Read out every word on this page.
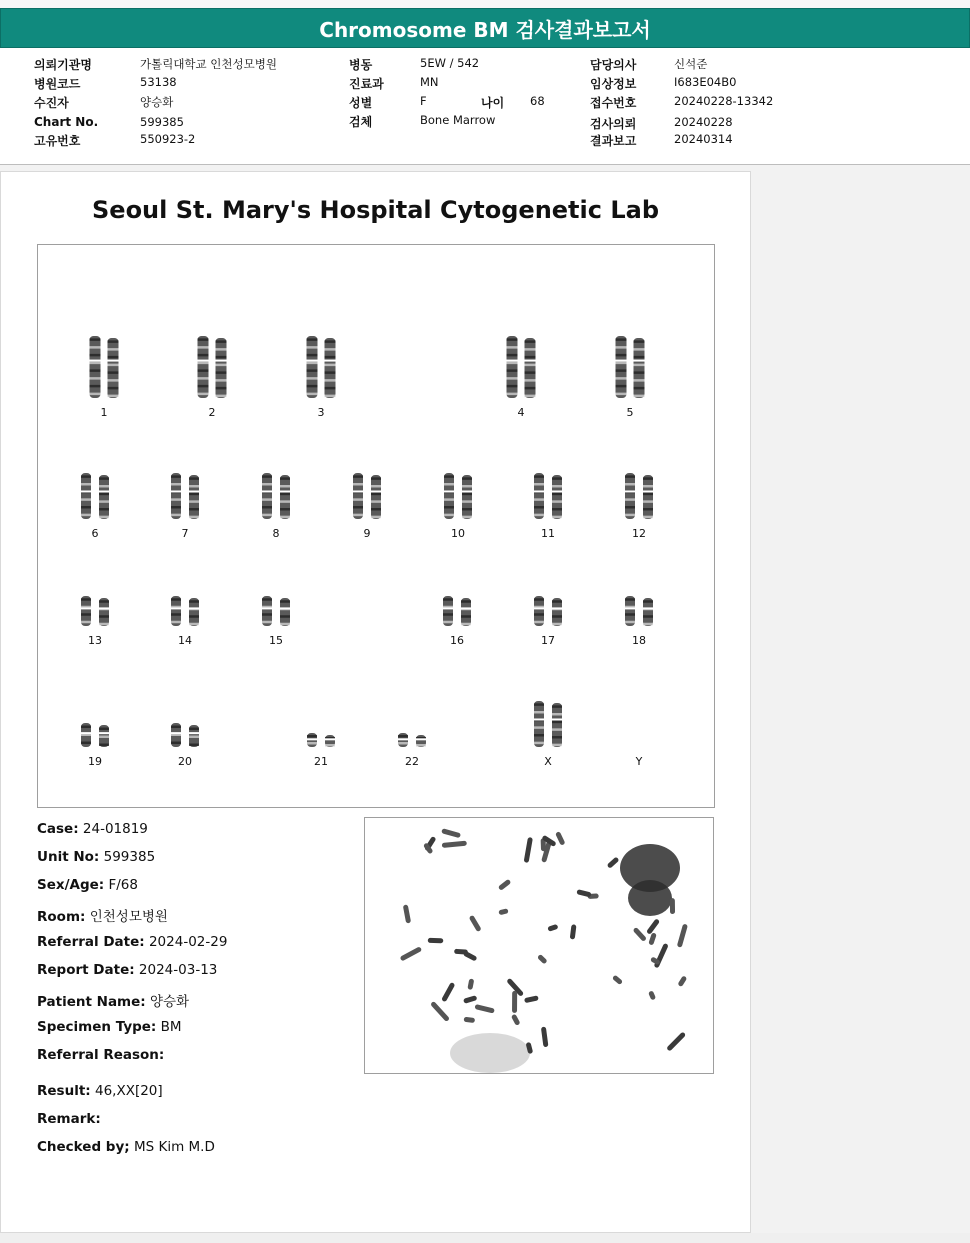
Chromosome BM 검사결과보고서
의뢰기관명	가톨릭대학교 인천성모병원
병원코드	53138
수진자	양승화
Chart No.	599385
고유번호	550923-2
병동	5EW / 542
진료과	MN
성별	F	나이 68
검체	Bone Marrow
담당의사	신석준
임상정보	I683E04B0
접수번호	20240228-13342
검사의뢰	20240228
결과보고	20240314
Seoul St. Mary's Hospital Cytogenetic Lab
1	2	3	4	5
6	7	8	9	10	11	12
13	14	15	16	17	18
19	20	21	22	X	Y
Case: 24-01819
Unit No: 599385
Sex/Age: F/68
Room: 인천성모병원
Referral Date: 2024-02-29
Report Date: 2024-03-13
Patient Name: 양승화
Specimen Type: BM
Referral Reason:
Result: 46,XX[20]
Remark:
Checked by; MS Kim M.D
